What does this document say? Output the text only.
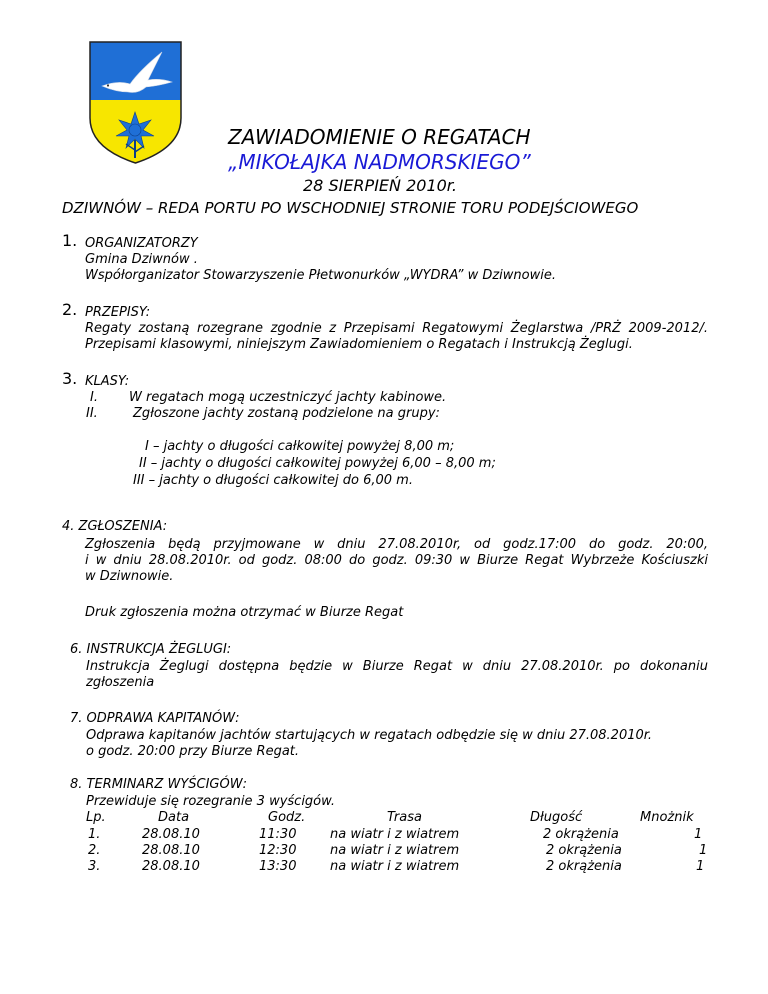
ZAWIADOMIENIE O REGATACH
„MIKOŁAJKA NADMORSKIEGO”
28 SIERPIEŃ 2010r.
DZIWNÓW – REDA PORTU PO WSCHODNIEJ STRONIE TORU PODEJŚCIOWEGO
1. ORGANIZATORZY
Gmina Dziwnów .
Współorganizator Stowarzyszenie Płetwonurków „WYDRA” w Dziwnowie.
2. PRZEPISY:
Regaty zostaną rozegrane zgodnie z Przepisami Regatowymi Żeglarstwa /PRŻ 2009-2012/.
Przepisami klasowymi, niniejszym Zawiadomieniem o Regatach i Instrukcją Żeglugi.
3. KLASY:
I. W regatach mogą uczestniczyć jachty kabinowe.
II.	Zgłoszone jachty zostaną podzielone na grupy:
I – jachty o długości całkowitej powyżej 8,00 m;
II – jachty o długości całkowitej powyżej 6,00 – 8,00 m;
III – jachty o długości całkowitej do 6,00 m.
4. ZGŁOSZENIA:
Zgłoszenia będą przyjmowane w dniu 27.08.2010r, od godz.17:00 do godz. 20:00,
i w dniu 28.08.2010r. od godz. 08:00 do godz. 09:30 w Biurze Regat Wybrzeże Kościuszki
w Dziwnowie.
Druk zgłoszenia można otrzymać w Biurze Regat
6. INSTRUKCJA ŻEGLUGI:
Instrukcja Żeglugi dostępna będzie w Biurze Regat w dniu 27.08.2010r. po dokonaniu
zgłoszenia
7. ODPRAWA KAPITANÓW:
Odprawa kapitanów jachtów startujących w regatach odbędzie się w dniu 27.08.2010r.
o godz. 20:00 przy Biurze Regat.
8. TERMINARZ WYŚCIGÓW:
Przewiduje się rozegranie 3 wyścigów.
Lp.	Data	Godz.	Trasa	Długość	Mnożnik
1.	28.08.10	11:30	na wiatr i z wiatrem	2 okrążenia	1
2.	28.08.10	12:30	na wiatr i z wiatrem	2 okrążenia	1
3.	28.08.10	13:30	na wiatr i z wiatrem	2 okrążenia	1
